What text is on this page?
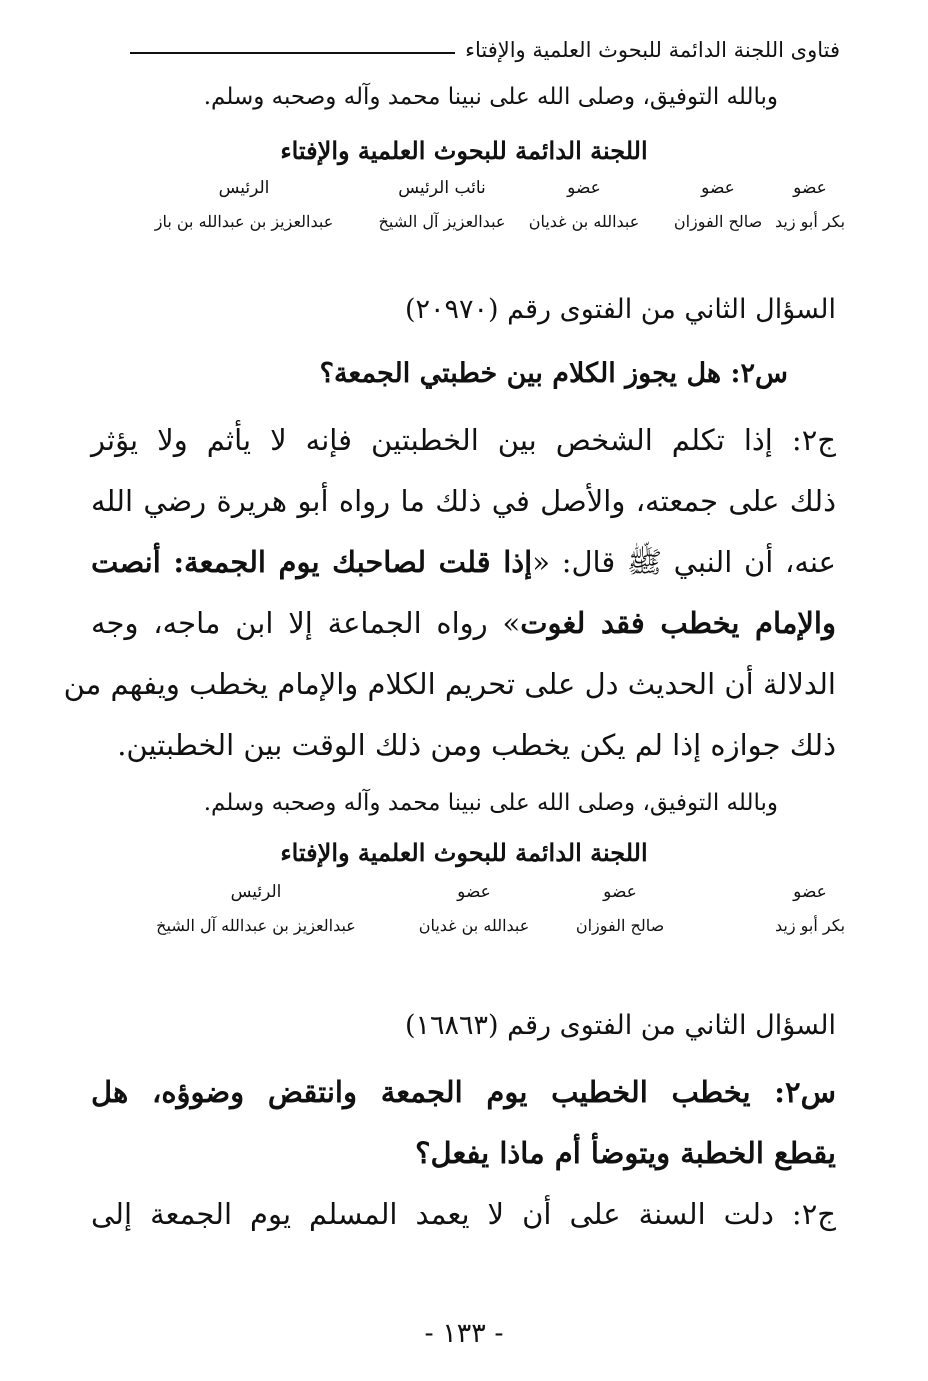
فتاوى اللجنة الدائمة للبحوث العلمية والإفتاء
وبالله التوفيق، وصلى الله على نبينا محمد وآله وصحبه وسلم.
اللجنة الدائمة للبحوث العلمية والإفتاء
عضو
بكر أبو زيد
عضو
صالح الفوزان
عضو
عبدالله بن غديان
نائب الرئيس
عبدالعزيز آل الشيخ
الرئيس
عبدالعزيز بن عبدالله بن باز
السؤال الثاني من الفتوى رقم (٢٠٩٧٠)
س٢: هل يجوز الكلام بين خطبتي الجمعة؟
ج٢: إذا تكلم الشخص بين الخطبتين فإنه لا يأثم ولا يؤثر
ذلك على جمعته، والأصل في ذلك ما رواه أبو هريرة رضي الله
عنه، أن النبي ﷺ قال: «إذا قلت لصاحبك يوم الجمعة: أنصت
والإمام يخطب فقد لغوت» رواه الجماعة إلا ابن ماجه، وجه
الدلالة أن الحديث دل على تحريم الكلام والإمام يخطب ويفهم من
ذلك جوازه إذا لم يكن يخطب ومن ذلك الوقت بين الخطبتين.
وبالله التوفيق، وصلى الله على نبينا محمد وآله وصحبه وسلم.
اللجنة الدائمة للبحوث العلمية والإفتاء
عضو
بكر أبو زيد
عضو
صالح الفوزان
عضو
عبدالله بن غديان
الرئيس
عبدالعزيز بن عبدالله آل الشيخ
السؤال الثاني من الفتوى رقم (١٦٨٦٣)
س٢: يخطب الخطيب يوم الجمعة وانتقض وضوؤه، هل
يقطع الخطبة ويتوضأ أم ماذا يفعل؟
ج٢: دلت السنة على أن لا يعمد المسلم يوم الجمعة إلى
- ١٣٣ -
